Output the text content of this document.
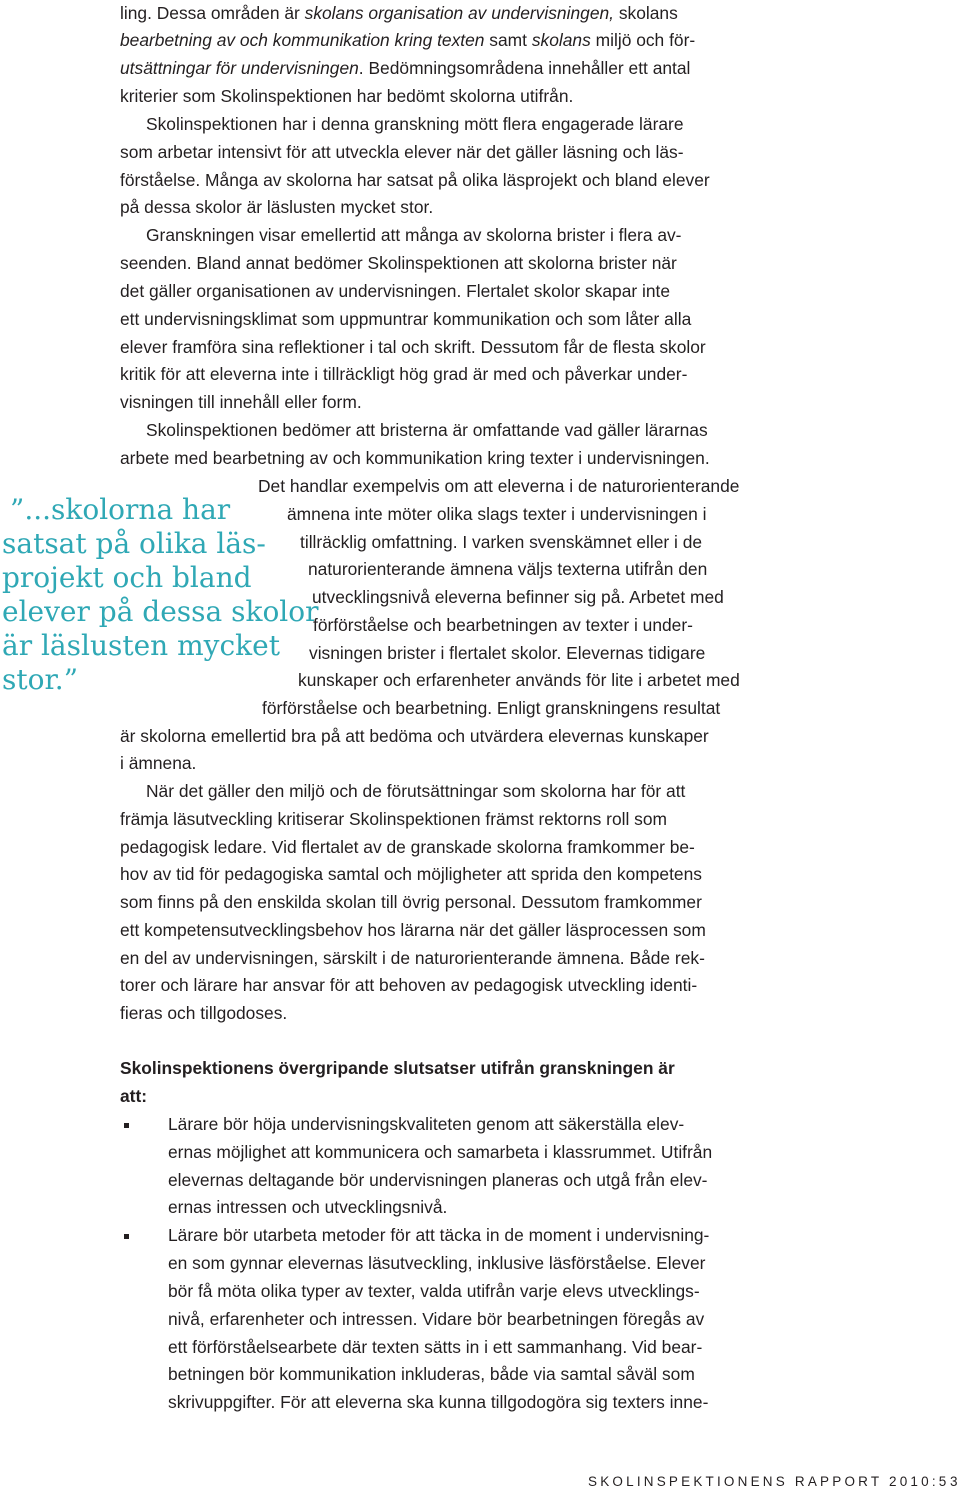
ling. Dessa områden är skolans organisation av undervisningen, skolans
bearbetning av och kommunikation kring texten samt skolans miljö och för-
utsättningar för undervisningen. Bedömningsområdena innehåller ett antal
kriterier som Skolinspektionen har bedömt skolorna utifrån.
Skolinspektionen har i denna granskning mött flera engagerade lärare
som arbetar intensivt för att utveckla elever när det gäller läsning och läs-
förståelse. Många av skolorna har satsat på olika läsprojekt och bland elever
på dessa skolor är läslusten mycket stor.
Granskningen visar emellertid att många av skolorna brister i flera av-
seenden. Bland annat bedömer Skolinspektionen att skolorna brister när
det gäller organisationen av undervisningen. Flertalet skolor skapar inte
ett undervisningsklimat som uppmuntrar kommunikation och som låter alla
elever framföra sina reflektioner i tal och skrift. Dessutom får de flesta skolor
kritik för att eleverna inte i tillräckligt hög grad är med och påverkar under-
visningen till innehåll eller form.
Skolinspektionen bedömer att bristerna är omfattande vad gäller lärarnas
arbete med bearbetning av och kommunikation kring texter i undervisningen.
Det handlar exempelvis om att eleverna i de naturorienterande
ämnena inte möter olika slags texter i undervisningen i
tillräcklig omfattning. I varken svenskämnet eller i de
naturorienterande ämnena väljs texterna utifrån den
utvecklingsnivå eleverna befinner sig på. Arbetet med
förförståelse och bearbetningen av texter i under-
visningen brister i flertalet skolor. Elevernas tidigare
kunskaper och erfarenheter används för lite i arbetet med
förförståelse och bearbetning. Enligt granskningens resultat
är skolorna emellertid bra på att bedöma och utvärdera elevernas kunskaper
i ämnena.
När det gäller den miljö och de förutsättningar som skolorna har för att
främja läsutveckling kritiserar Skolinspektionen främst rektorns roll som
pedagogisk ledare. Vid flertalet av de granskade skolorna framkommer be-
hov av tid för pedagogiska samtal och möjligheter att sprida den kompetens
som finns på den enskilda skolan till övrig personal. Dessutom framkommer
ett kompetensutvecklingsbehov hos lärarna när det gäller läsprocessen som
en del av undervisningen, särskilt i de naturorienterande ämnena. Både rek-
torer och lärare har ansvar för att behoven av pedagogisk utveckling identi-
fieras och tillgodoses.
”...skolorna har
satsat på olika läs-
projekt och bland
elever på dessa skolor
är läslusten mycket
stor.”
Skolinspektionens övergripande slutsatser utifrån granskningen är
att:
Lärare bör höja undervisningskvaliteten genom att säkerställa elev-
ernas möjlighet att kommunicera och samarbeta i klassrummet. Utifrån
elevernas deltagande bör undervisningen planeras och utgå från elev-
ernas intressen och utvecklingsnivå.
Lärare bör utarbeta metoder för att täcka in de moment i undervisning-
en som gynnar elevernas läsutveckling, inklusive läsförståelse. Elever
bör få möta olika typer av texter, valda utifrån varje elevs utvecklings-
nivå, erfarenheter och intressen. Vidare bör bearbetningen föregås av
ett förförståelsearbete där texten sätts in i ett sammanhang. Vid bear-
betningen bör kommunikation inkluderas, både via samtal såväl som
skrivuppgifter. För att eleverna ska kunna tillgodogöra sig texters inne-
SKOLINSPEKTIONENS RAPPORT 2010:5 3
